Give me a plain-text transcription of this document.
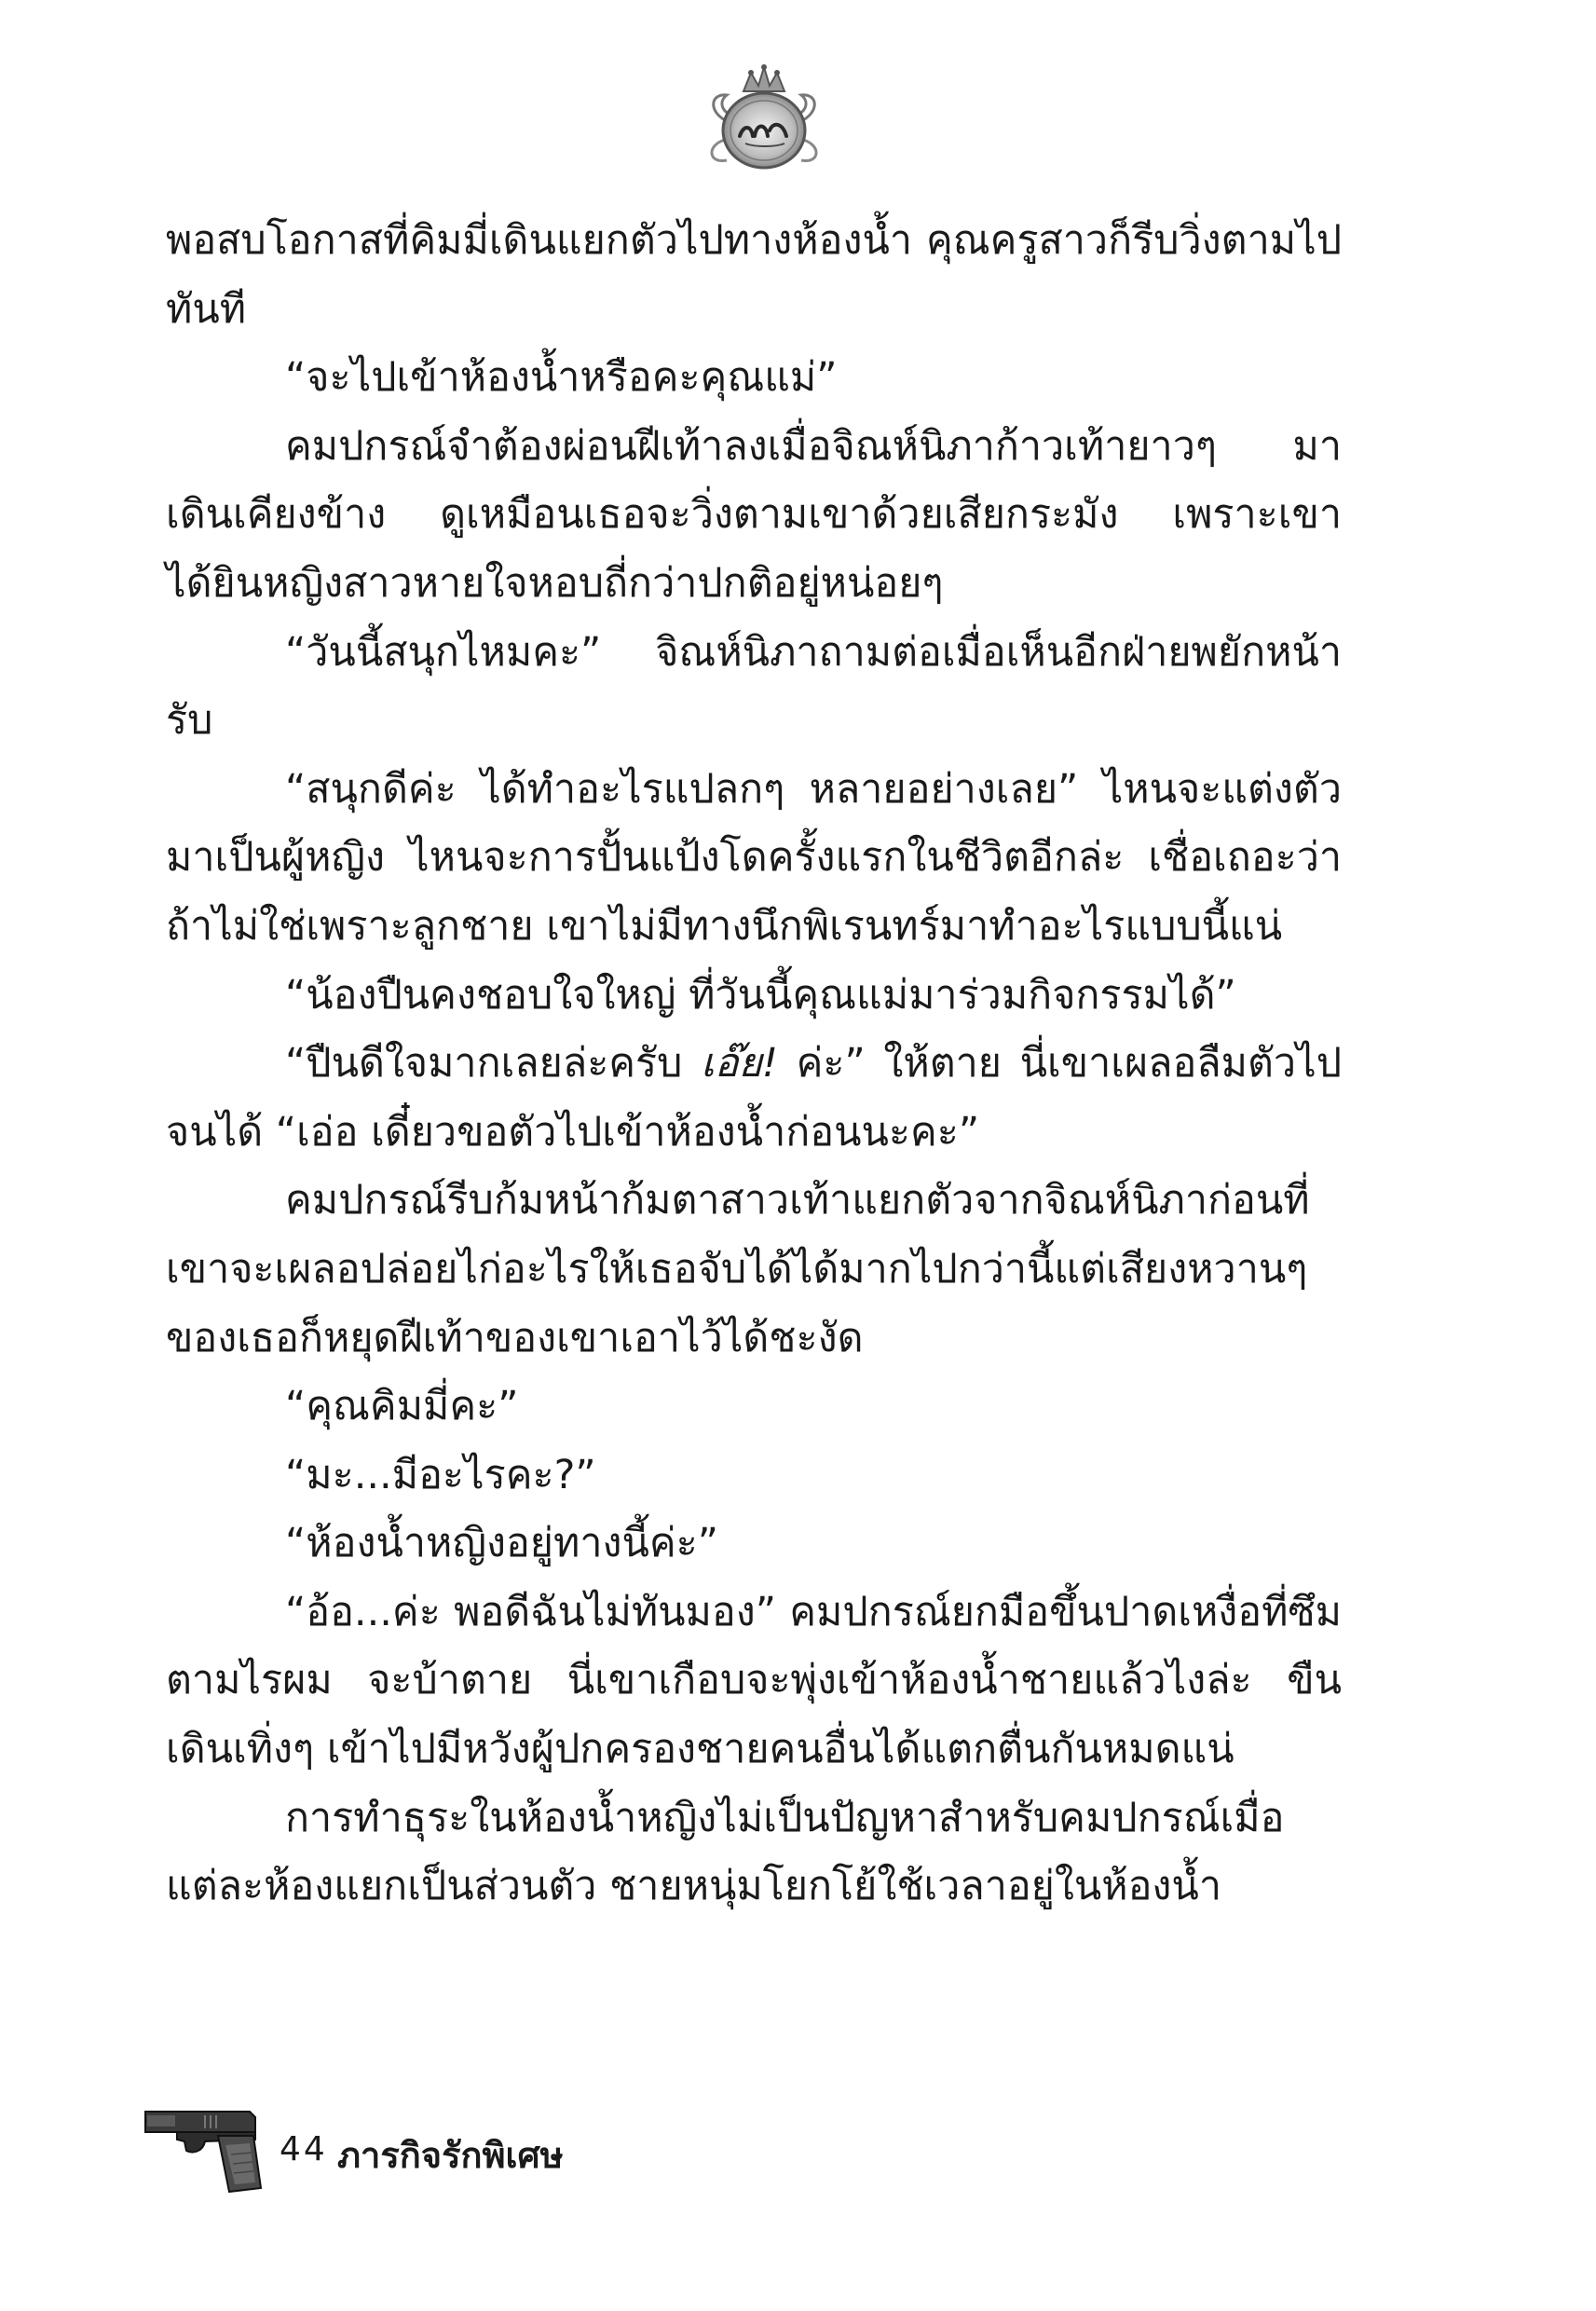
พอสบโอกาสที่คิมมี่เดินแยกตัวไปทางห้องน้ำ คุณครูสาวก็รีบวิ่งตามไปทันที

“จะไปเข้าห้องน้ำหรือคะคุณแม่”

คมปกรณ์จำต้องผ่อนฝีเท้าลงเมื่อจิณห์นิภาก้าวเท้ายาวๆ มาเดินเคียงข้าง ดูเหมือนเธอจะวิ่งตามเขาด้วยเสียกระมัง เพราะเขาได้ยินหญิงสาวหายใจหอบถี่กว่าปกติอยู่หน่อยๆ

“วันนี้สนุกไหมคะ” จิณห์นิภาถามต่อเมื่อเห็นอีกฝ่ายพยักหน้ารับ

“สนุกดีค่ะ ได้ทำอะไรแปลกๆ หลายอย่างเลย” ไหนจะแต่งตัวมาเป็นผู้หญิง ไหนจะการปั้นแป้งโดครั้งแรกในชีวิตอีกล่ะ เชื่อเถอะว่าถ้าไม่ใช่เพราะลูกชาย เขาไม่มีทางนึกพิเรนทร์มาทำอะไรแบบนี้แน่

“น้องปืนคงชอบใจใหญ่ ที่วันนี้คุณแม่มาร่วมกิจกรรมได้”

“ปืนดีใจมากเลยล่ะครับ เอ๊ย! ค่ะ” ให้ตาย นี่เขาเผลอลืมตัวไปจนได้ “เอ่อ เดี๋ยวขอตัวไปเข้าห้องน้ำก่อนนะคะ”

คมปกรณ์รีบก้มหน้าก้มตาสาวเท้าแยกตัวจากจิณห์นิภาก่อนที่เขาจะเผลอปล่อยไก่อะไรให้เธอจับได้ได้มากไปกว่านี้แต่เสียงหวานๆ ของเธอก็หยุดฝีเท้าของเขาเอาไว้ได้ชะงัด

“คุณคิมมี่คะ”

“มะ...มีอะไรคะ?”

“ห้องน้ำหญิงอยู่ทางนี้ค่ะ”

“อ้อ...ค่ะ พอดีฉันไม่ทันมอง” คมปกรณ์ยกมือขึ้นปาดเหงื่อที่ซึมตามไรผม จะบ้าตาย นี่เขาเกือบจะพุ่งเข้าห้องน้ำชายแล้วไงล่ะ ขืนเดินเทิ่งๆ เข้าไปมีหวังผู้ปกครองชายคนอื่นได้แตกตื่นกันหมดแน่

การทำธุระในห้องน้ำหญิงไม่เป็นปัญหาสำหรับคมปกรณ์เมื่อแต่ละห้องแยกเป็นส่วนตัว ชายหนุ่มโยกโย้ใช้เวลาอยู่ในห้องน้ำ

44 ภารกิจรักพิเศษ
